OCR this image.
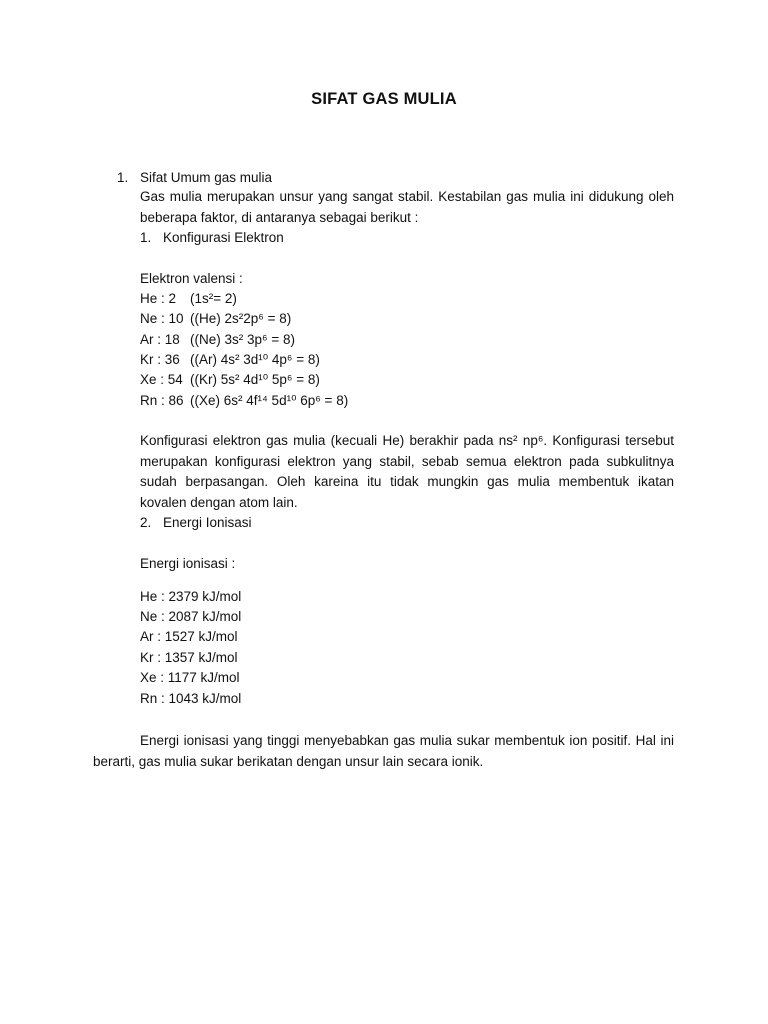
SIFAT GAS MULIA
1. Sifat Umum gas mulia
Gas mulia merupakan unsur yang sangat stabil. Kestabilan gas mulia ini didukung oleh beberapa faktor, di antaranya sebagai berikut :
1. Konfigurasi Elektron
Elektron valensi :
He : 2 (1s²= 2)
Ne : 10 ((He) 2s²2p⁶ = 8)
Ar : 18 ((Ne) 3s² 3p⁶ = 8)
Kr : 36 ((Ar) 4s² 3d¹⁰ 4p⁶ = 8)
Xe : 54 ((Kr) 5s² 4d¹⁰ 5p⁶ = 8)
Rn : 86 ((Xe) 6s² 4f¹⁴ 5d¹⁰ 6p⁶ = 8)
Konfigurasi elektron gas mulia (kecuali He) berakhir pada ns² np⁶. Konfigurasi tersebut merupakan konfigurasi elektron yang stabil, sebab semua elektron pada subkulitnya sudah berpasangan. Oleh kareina itu tidak mungkin gas mulia membentuk ikatan kovalen dengan atom lain.
2. Energi Ionisasi
Energi ionisasi :
He : 2379 kJ/mol
Ne : 2087 kJ/mol
Ar : 1527 kJ/mol
Kr : 1357 kJ/mol
Xe : 1177 kJ/mol
Rn : 1043 kJ/mol
Energi ionisasi yang tinggi menyebabkan gas mulia sukar membentuk ion positif. Hal ini berarti, gas mulia sukar berikatan dengan unsur lain secara ionik.
